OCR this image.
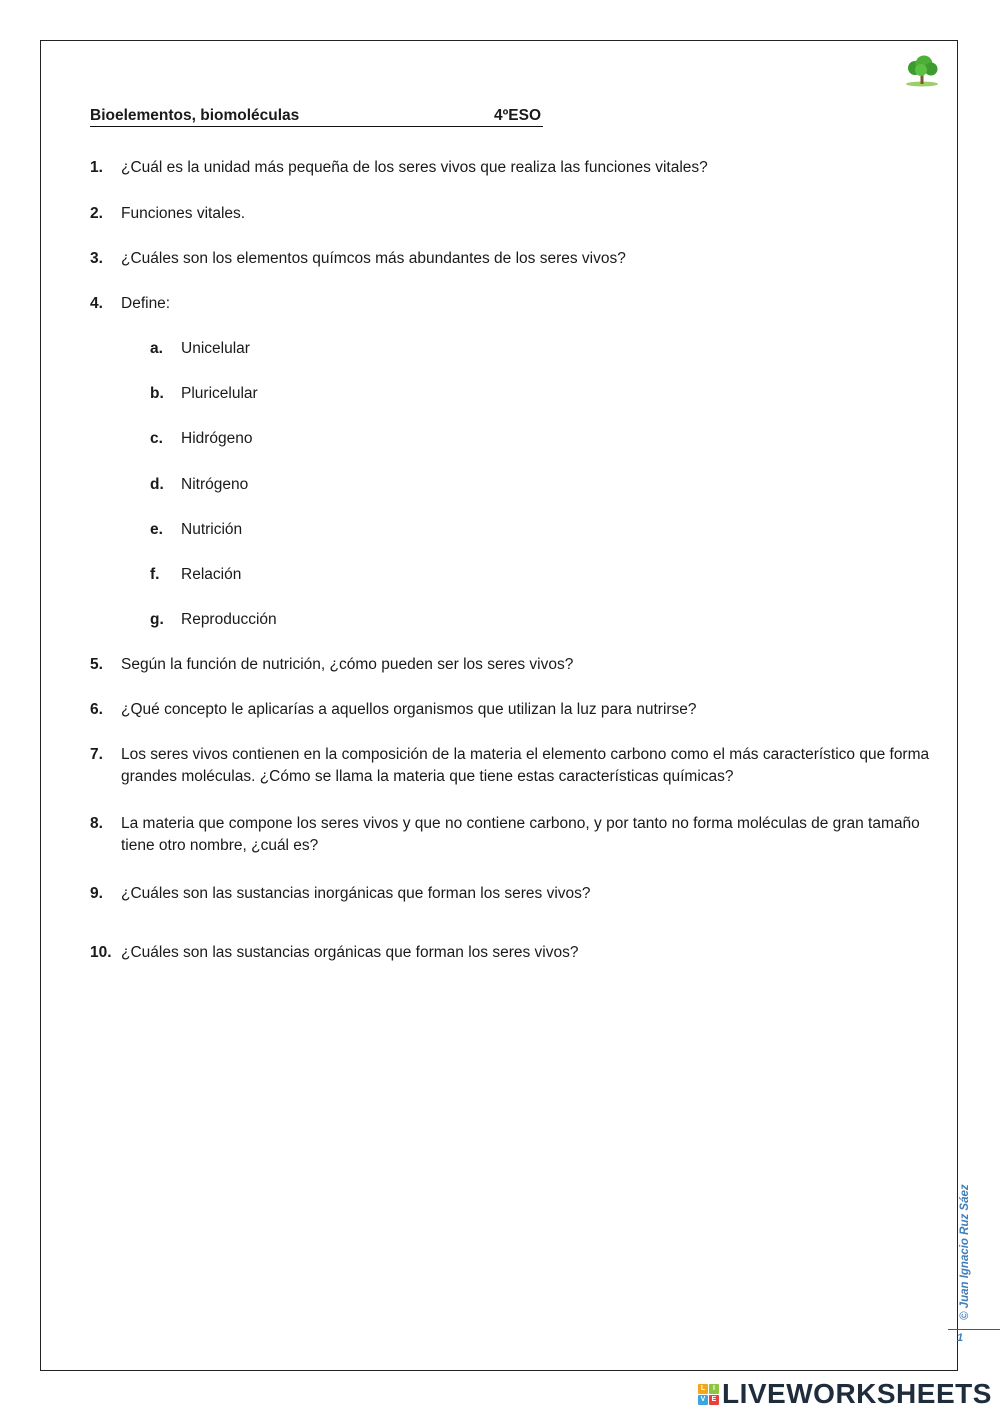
Bioelementos, biomoléculas	4ºESO
1. ¿Cuál es la unidad más pequeña de los seres vivos que realiza las funciones vitales?
2. Funciones vitales.
3. ¿Cuáles son los elementos químcos más abundantes de los seres vivos?
4. Define:
a. Unicelular
b. Pluricelular
c. Hidrógeno
d. Nitrógeno
e. Nutrición
f. Relación
g. Reproducción
5. Según la función de nutrición, ¿cómo pueden ser los seres vivos?
6. ¿Qué concepto le aplicarías a aquellos organismos que utilizan la luz para nutrirse?
7. Los seres vivos contienen en la composición de la materia el elemento carbono como el más característico que forma grandes moléculas. ¿Cómo se llama la materia que tiene estas características químicas?
8. La materia que compone los seres vivos y que no contiene carbono, y por tanto no forma moléculas de gran tamaño tiene otro nombre, ¿cuál es?
9. ¿Cuáles son las sustancias inorgánicas que forman los seres vivos?
10. ¿Cuáles son las sustancias orgánicas que forman los seres vivos?
© Juan Ignacio Ruz Sáez
1
L	I
V E LIVEWORKSHEETS
